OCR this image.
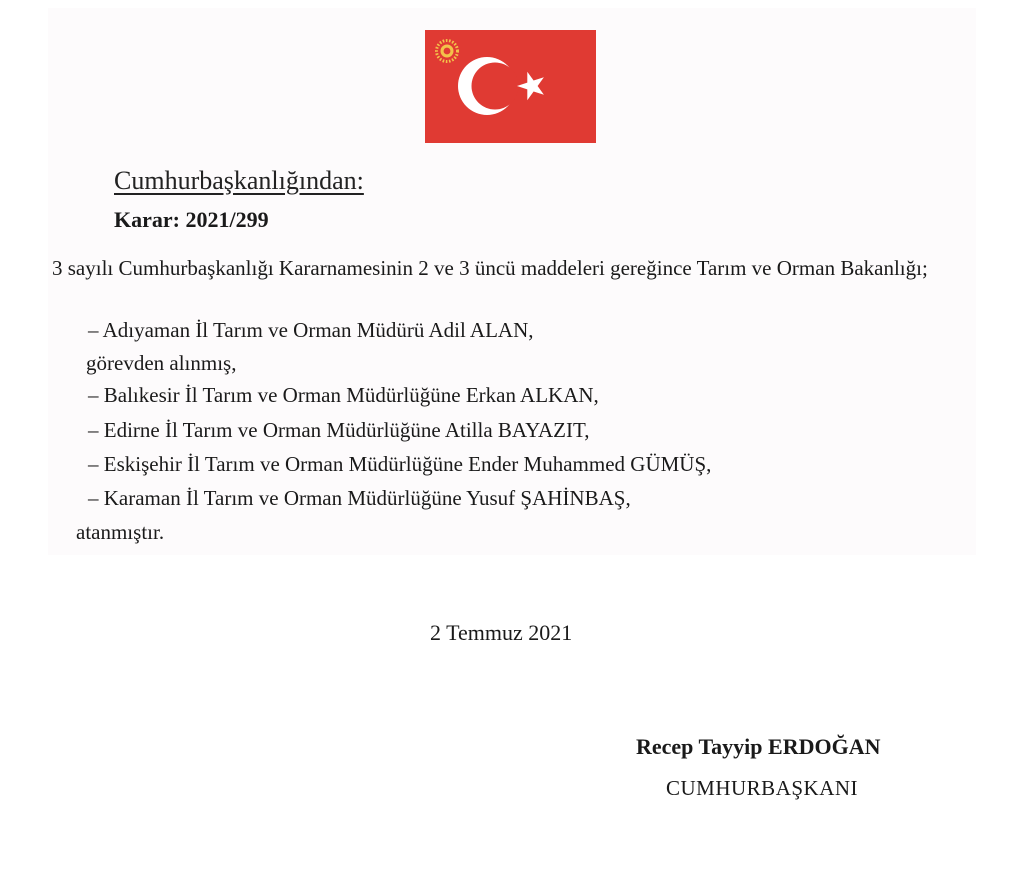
Cumhurbaşkanlığından:
Karar: 2021/299
3 sayılı Cumhurbaşkanlığı Kararnamesinin 2 ve 3 üncü maddeleri gereğince Tarım ve Orman Bakanlığı;
– Adıyaman İl Tarım ve Orman Müdürü Adil ALAN,
görevden alınmış,
– Balıkesir İl Tarım ve Orman Müdürlüğüne Erkan ALKAN,
– Edirne İl Tarım ve Orman Müdürlüğüne Atilla BAYAZIT,
– Eskişehir İl Tarım ve Orman Müdürlüğüne Ender Muhammed GÜMÜŞ,
– Karaman İl Tarım ve Orman Müdürlüğüne Yusuf ŞAHİNBAŞ,
atanmıştır.
2 Temmuz 2021
Recep Tayyip ERDOĞAN
CUMHURBAŞKANI
